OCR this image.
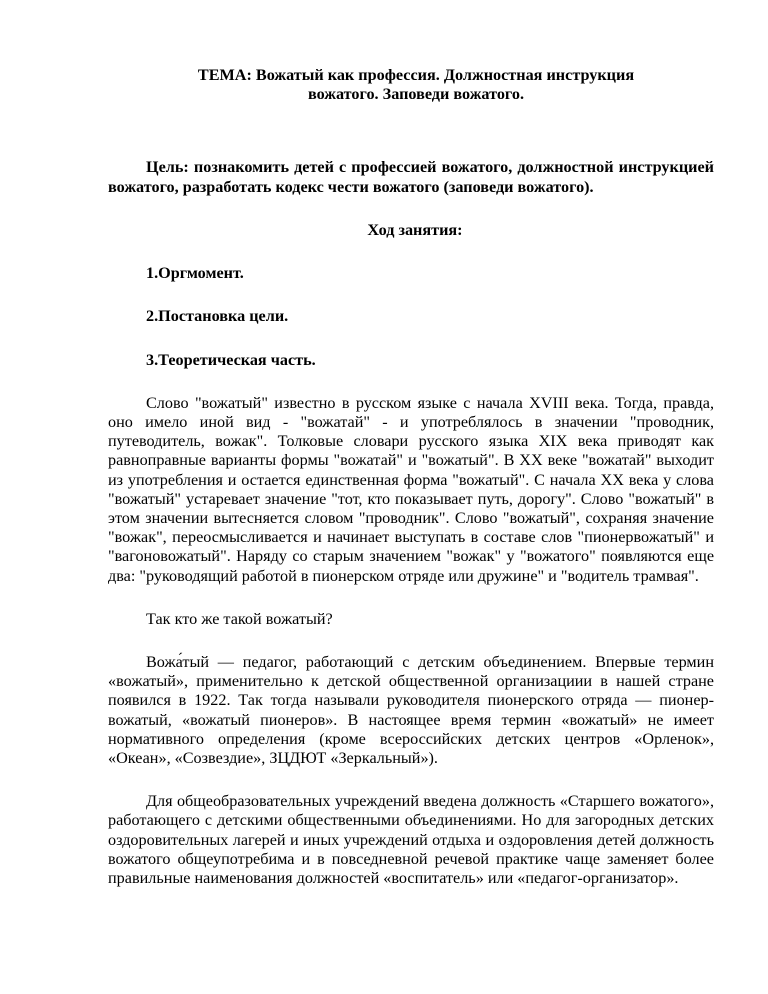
ТЕМА: Вожатый как профессия. Должностная инструкция
вожатого. Заповеди вожатого.
Цель: познакомить детей с профессией вожатого, должностной инструкцией вожатого, разработать кодекс чести вожатого (заповеди вожатого).
Ход занятия:
1.Оргмомент.
2.Постановка цели.
3.Теоретическая часть.

Слово "вожатый" известно в русском языке с начала XVIII века. Тогда, правда, оно имело иной вид - "вожатай" - и употреблялось в значении "проводник, путеводитель, вожак". Толковые словари русского языка XIX века приводят как равноправные варианты формы "вожатай" и "вожатый". В XX веке "вожатай" выходит из употребления и остается единственная форма "вожатый". С начала XX века у слова "вожатый" устаревает значение "тот, кто показывает путь, дорогу". Слово "вожатый" в этом значении вытесняется словом "проводник". Слово "вожатый", сохраняя значение "вожак", переосмысливается и начинает выступать в составе слов "пионервожатый" и "вагоновожатый". Наряду со старым значением "вожак" у "вожатого" появляются еще два: "руководящий работой в пионерском отряде или дружине" и "водитель трамвая".

Так кто же такой вожатый?

Вожа́тый — педагог, работающий с детским объединением. Впервые термин «вожатый», применительно к детской общественной организациии в нашей стране появился в 1922. Так тогда называли руководителя пионерского отряда — пионер-вожатый, «вожатый пионеров». В настоящее время термин «вожатый» не имеет нормативного определения (кроме всероссийских детских центров «Орленок», «Океан», «Созвездие», ЗЦДЮТ «Зеркальный»).

Для общеобразовательных учреждений введена должность «Старшего вожатого», работающего с детскими общественными объединениями. Но для загородных детских оздоровительных лагерей и иных учреждений отдыха и оздоровления детей должность вожатого общеупотребима и в повседневной речевой практике чаще заменяет более правильные наименования должностей «воспитатель» или «педагог-организатор».
